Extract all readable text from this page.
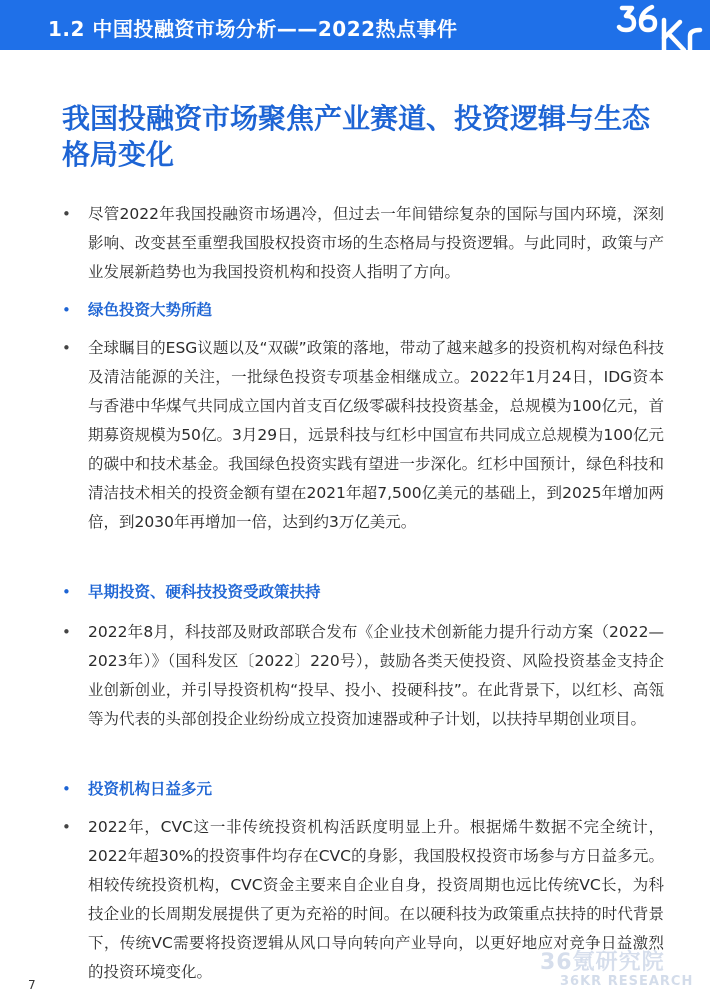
1.2 中国投融资市场分析——2022热点事件
我国投融资市场聚焦产业赛道、投资逻辑与生态格局变化
• 尽管2022年我国投融资市场遇冷，但过去一年间错综复杂的国际与国内环境，深刻影响、改变甚至重塑我国股权投资市场的生态格局与投资逻辑。与此同时，政策与产业发展新趋势也为我国投资机构和投资人指明了方向。

• 绿色投资大势所趋
• 全球瞩目的ESG议题以及“双碳”政策的落地，带动了越来越多的投资机构对绿色科技及清洁能源的关注，一批绿色投资专项基金相继成立。2022年1月24日，IDG资本与香港中华煤气共同成立国内首支百亿级零碳科技投资基金，总规模为100亿元，首期募资规模为50亿。3月29日，远景科技与红杉中国宣布共同成立总规模为100亿元的碳中和技术基金。我国绿色投资实践有望进一步深化。红杉中国预计，绿色科技和清洁技术相关的投资金额有望在2021年超7,500亿美元的基础上，到2025年增加两倍，到2030年再增加一倍，达到约3万亿美元。

• 早期投资、硬科技投资受政策扶持
• 2022年8月，科技部及财政部联合发布《企业技术创新能力提升行动方案（2022—2023年）》（国科发区〔2022〕220号），鼓励各类天使投资、风险投资基金支持企业创新创业，并引导投资机构“投早、投小、投硬科技”。在此背景下，以红杉、高瓴等为代表的头部创投企业纷纷成立投资加速器或种子计划，以扶持早期创业项目。

• 投资机构日益多元
• 2022年，CVC这一非传统投资机构活跃度明显上升。根据烯牛数据不完全统计，2022年超30%的投资事件均存在CVC的身影，我国股权投资市场参与方日益多元。相较传统投资机构，CVC资金主要来自企业自身，投资周期也远比传统VC长，为科技企业的长周期发展提供了更为充裕的时间。在以硬科技为政策重点扶持的时代背景下，传统VC需要将投资逻辑从风口导向转向产业导向，以更好地应对竞争日益激烈的投资环境变化。

7
36氪研究院
36KR RESEARCH
